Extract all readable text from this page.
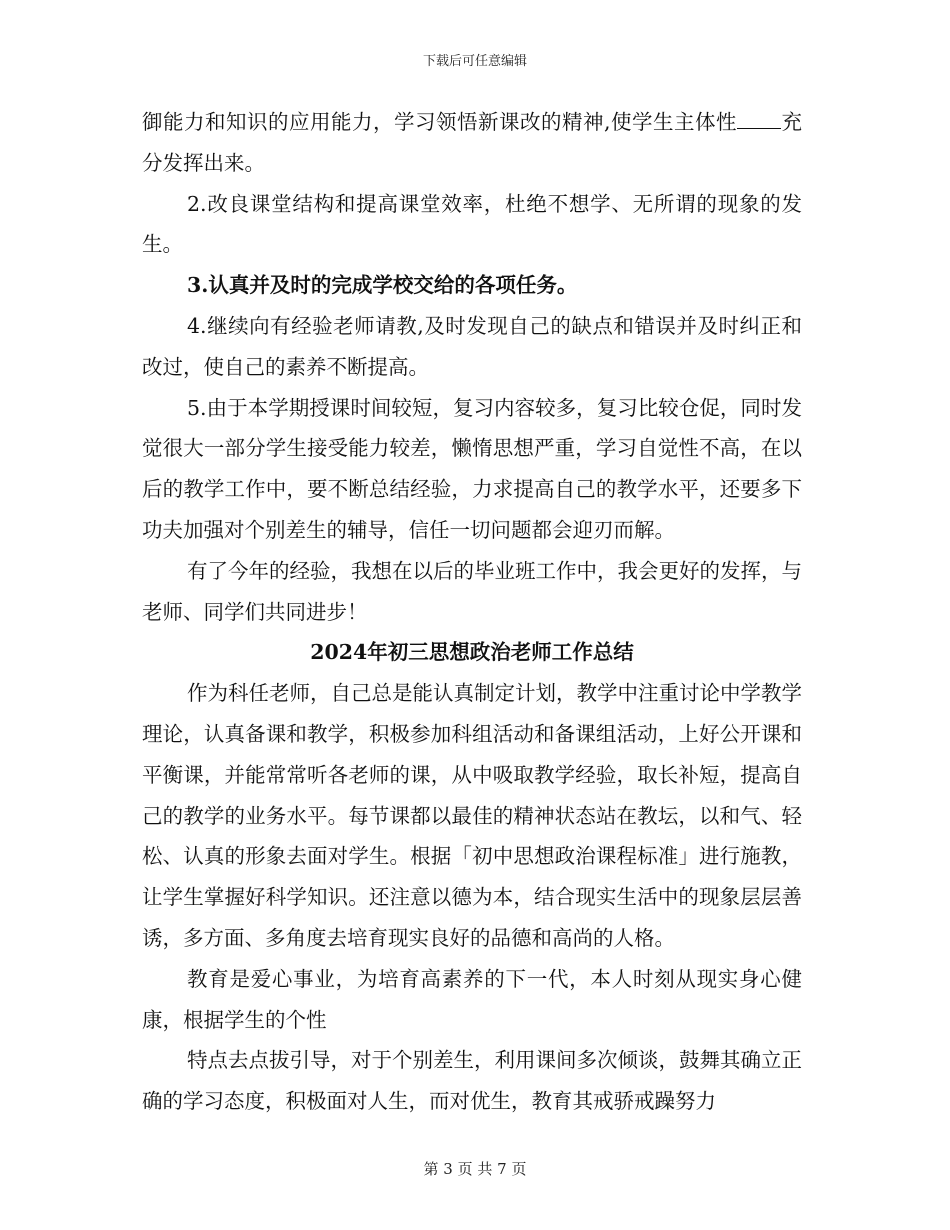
下载后可任意编辑

御能力和知识的应用能力，学习领悟新课改的精神,使学生主体性 充分发挥出来。

2.改良课堂结构和提高课堂效率，杜绝不想学、无所谓的现象的发生。

3.认真并及时的完成学校交给的各项任务。

4.继续向有经验老师请教,及时发现自己的缺点和错误并及时纠正和改过，使自己的素养不断提高。

5.由于本学期授课时间较短，复习内容较多，复习比较仓促，同时发觉很大一部分学生接受能力较差，懒惰思想严重，学习自觉性不高，在以后的教学工作中，要不断总结经验，力求提高自己的教学水平，还要多下功夫加强对个别差生的辅导，信任一切问题都会迎刃而解。

有了今年的经验，我想在以后的毕业班工作中，我会更好的发挥，与老师、同学们共同进步！

2024年初三思想政治老师工作总结

作为科任老师，自己总是能认真制定计划，教学中注重讨论中学教学理论，认真备课和教学，积极参加科组活动和备课组活动，上好公开课和平衡课，并能常常听各老师的课，从中吸取教学经验，取长补短，提高自己的教学的业务水平。每节课都以最佳的精神状态站在教坛，以和气、轻松、认真的形象去面对学生。根据「初中思想政治课程标准」进行施教，让学生掌握好科学知识。还注意以德为本，结合现实生活中的现象层层善诱，多方面、多角度去培育现实良好的品德和高尚的人格。

教育是爱心事业，为培育高素养的下一代，本人时刻从现实身心健康，根据学生的个性

特点去点拔引导，对于个别差生，利用课间多次倾谈，鼓舞其确立正确的学习态度，积极面对人生，而对优生，教育其戒骄戒躁努力

第 3 页 共 7 页
